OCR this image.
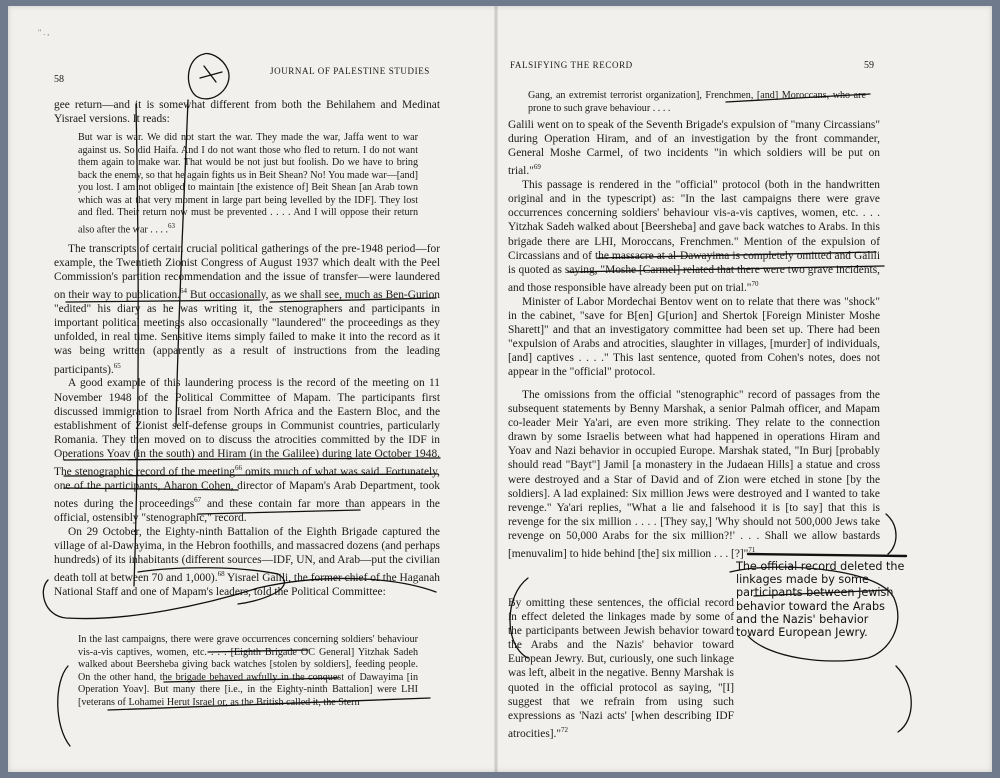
" . ,
58
JOURNAL OF PALESTINE STUDIES

gee return—and it is somewhat different from both the Behilahem and Medinat Yisrael versions. It reads:

But war is war. We did not start the war. They made the war, Jaffa went to war against us. So did Haifa. And I do not want those who fled to return. I do not want them again to make war. That would be not just but foolish. Do we have to bring back the enemy, so that he again fights us in Beit Shean? No! You made war—[and] you lost. I am not obliged to maintain [the existence of] Beit Shean [an Arab town which was at that very moment in large part being levelled by the IDF]. They lost and fled. Their return now must be prevented . . . . And I will oppose their return also after the war . . . .$^{63}$

The transcripts of certain crucial political gatherings of the pre-1948 period—for example, the Twentieth Zionist Congress of August 1937 which dealt with the Peel Commission's partition recommendation and the issue of transfer—were laundered on their way to publication.$^{64}$ But occasionally, as we shall see, much as Ben-Gurion "edited" his diary as he was writing it, the stenographers and participants in important political meetings also occasionally "laundered" the proceedings as they unfolded, in real time. Sensitive items simply failed to make it into the record as it was being written (apparently as a result of instructions from the leading participants).$^{65}$

A good example of this laundering process is the record of the meeting on 11 November 1948 of the Political Committee of Mapam. The participants first discussed immigration to Israel from North Africa and the Eastern Bloc, and the establishment of Zionist self-defense groups in Communist countries, particularly Romania. They then moved on to discuss the atrocities committed by the IDF in Operations Yoav (in the south) and Hiram (in the Galilee) during late October 1948. The stenographic record of the meeting$^{66}$ omits much of what was said. Fortunately, one of the participants, Aharon Cohen, director of Mapam's Arab Department, took notes during the proceedings$^{67}$ and these contain far more than appears in the official, ostensibly "stenographic," record.

On 29 October, the Eighty-ninth Battalion of the Eighth Brigade captured the village of al-Dawayima, in the Hebron foothills, and massacred dozens (and perhaps hundreds) of its inhabitants (different sources—IDF, UN, and Arab—put the civilian death toll at between 70 and 1,000).$^{68}$ Yisrael Galili, the former chief of the Haganah National Staff and one of Mapam's leaders, told the Political Committee:

In the last campaigns, there were grave occurrences concerning soldiers' behaviour vis-a-vis captives, women, etc. . . . [Eighth Brigade OC General] Yitzhak Sadeh walked about Beersheba giving back watches [stolen by soldiers], feeding people. On the other hand, the brigade behaved awfully in the conquest of Dawayima [in Operation Yoav]. But many there [i.e., in the Eighty-ninth Battalion] were LHI [veterans of Lohamei Herut Israel or, as the British called it, the Stern

FALSIFYING THE RECORD	59

Gang, an extremist terrorist organization], Frenchmen, [and] Moroccans, who are prone to such grave behaviour . . . .

Galili went on to speak of the Seventh Brigade's expulsion of "many Circassians" during Operation Hiram, and of an investigation by the front commander, General Moshe Carmel, of two incidents "in which soldiers will be put on trial."$^{69}$

This passage is rendered in the "official" protocol (both in the handwritten original and in the typescript) as: "In the last campaigns there were grave occurrences concerning soldiers' behaviour vis-a-vis captives, women, etc. . . . Yitzhak Sadeh walked about [Beersheba] and gave back watches to Arabs. In this brigade there are LHI, Moroccans, Frenchmen." Mention of the expulsion of Circassians and of the massacre at al-Dawayima is completely omitted and Galili is quoted as saying, "Moshe [Carmel] related that there were two grave incidents, and those responsible have already been put on trial."$^{70}$

Minister of Labor Mordechai Bentov went on to relate that there was "shock" in the cabinet, "save for B[en] G[urion] and Shertok [Foreign Minister Moshe Sharett]" and that an investigatory committee had been set up. There had been "expulsion of Arabs and atrocities, slaughter in villages, [murder] of individuals, [and] captives . . . ." This last sentence, quoted from Cohen's notes, does not appear in the "official" protocol.

The omissions from the official "stenographic" record of passages from the subsequent statements by Benny Marshak, a senior Palmah officer, and Mapam co-leader Meir Ya'ari, are even more striking. They relate to the connection drawn by some Israelis between what had happened in operations Hiram and Yoav and Nazi behavior in occupied Europe. Marshak stated, "In Burj [probably should read "Bayt"] Jamil [a monastery in the Judaean Hills] a statue and cross were destroyed and a Star of David and of Zion were etched in stone [by the soldiers]. A lad explained: Six million Jews were destroyed and I wanted to take revenge." Ya'ari replies, "What a lie and falsehood it is [to say] that this is revenge for the six million . . . . [They say,] 'Why should not 500,000 Jews take revenge on 50,000 Arabs for the six million?!' . . . Shall we allow bastards [menuvalim] to hide behind [the] six million . . . [?]"$^{71}$

By omitting these sentences, the official record in effect deleted the linkages made by some of the participants between Jewish behavior toward the Arabs and the Nazis' behavior toward European Jewry. But, curiously, one such linkage was left, albeit in the negative. Benny Marshak is quoted in the official protocol as saying, "[I] suggest that we refrain from using such expressions as 'Nazi acts' [when describing IDF atrocities]."$^{72}$

The official record deleted the linkages made by some participants between Jewish behavior toward the Arabs and the Nazis' behavior toward European Jewry.
